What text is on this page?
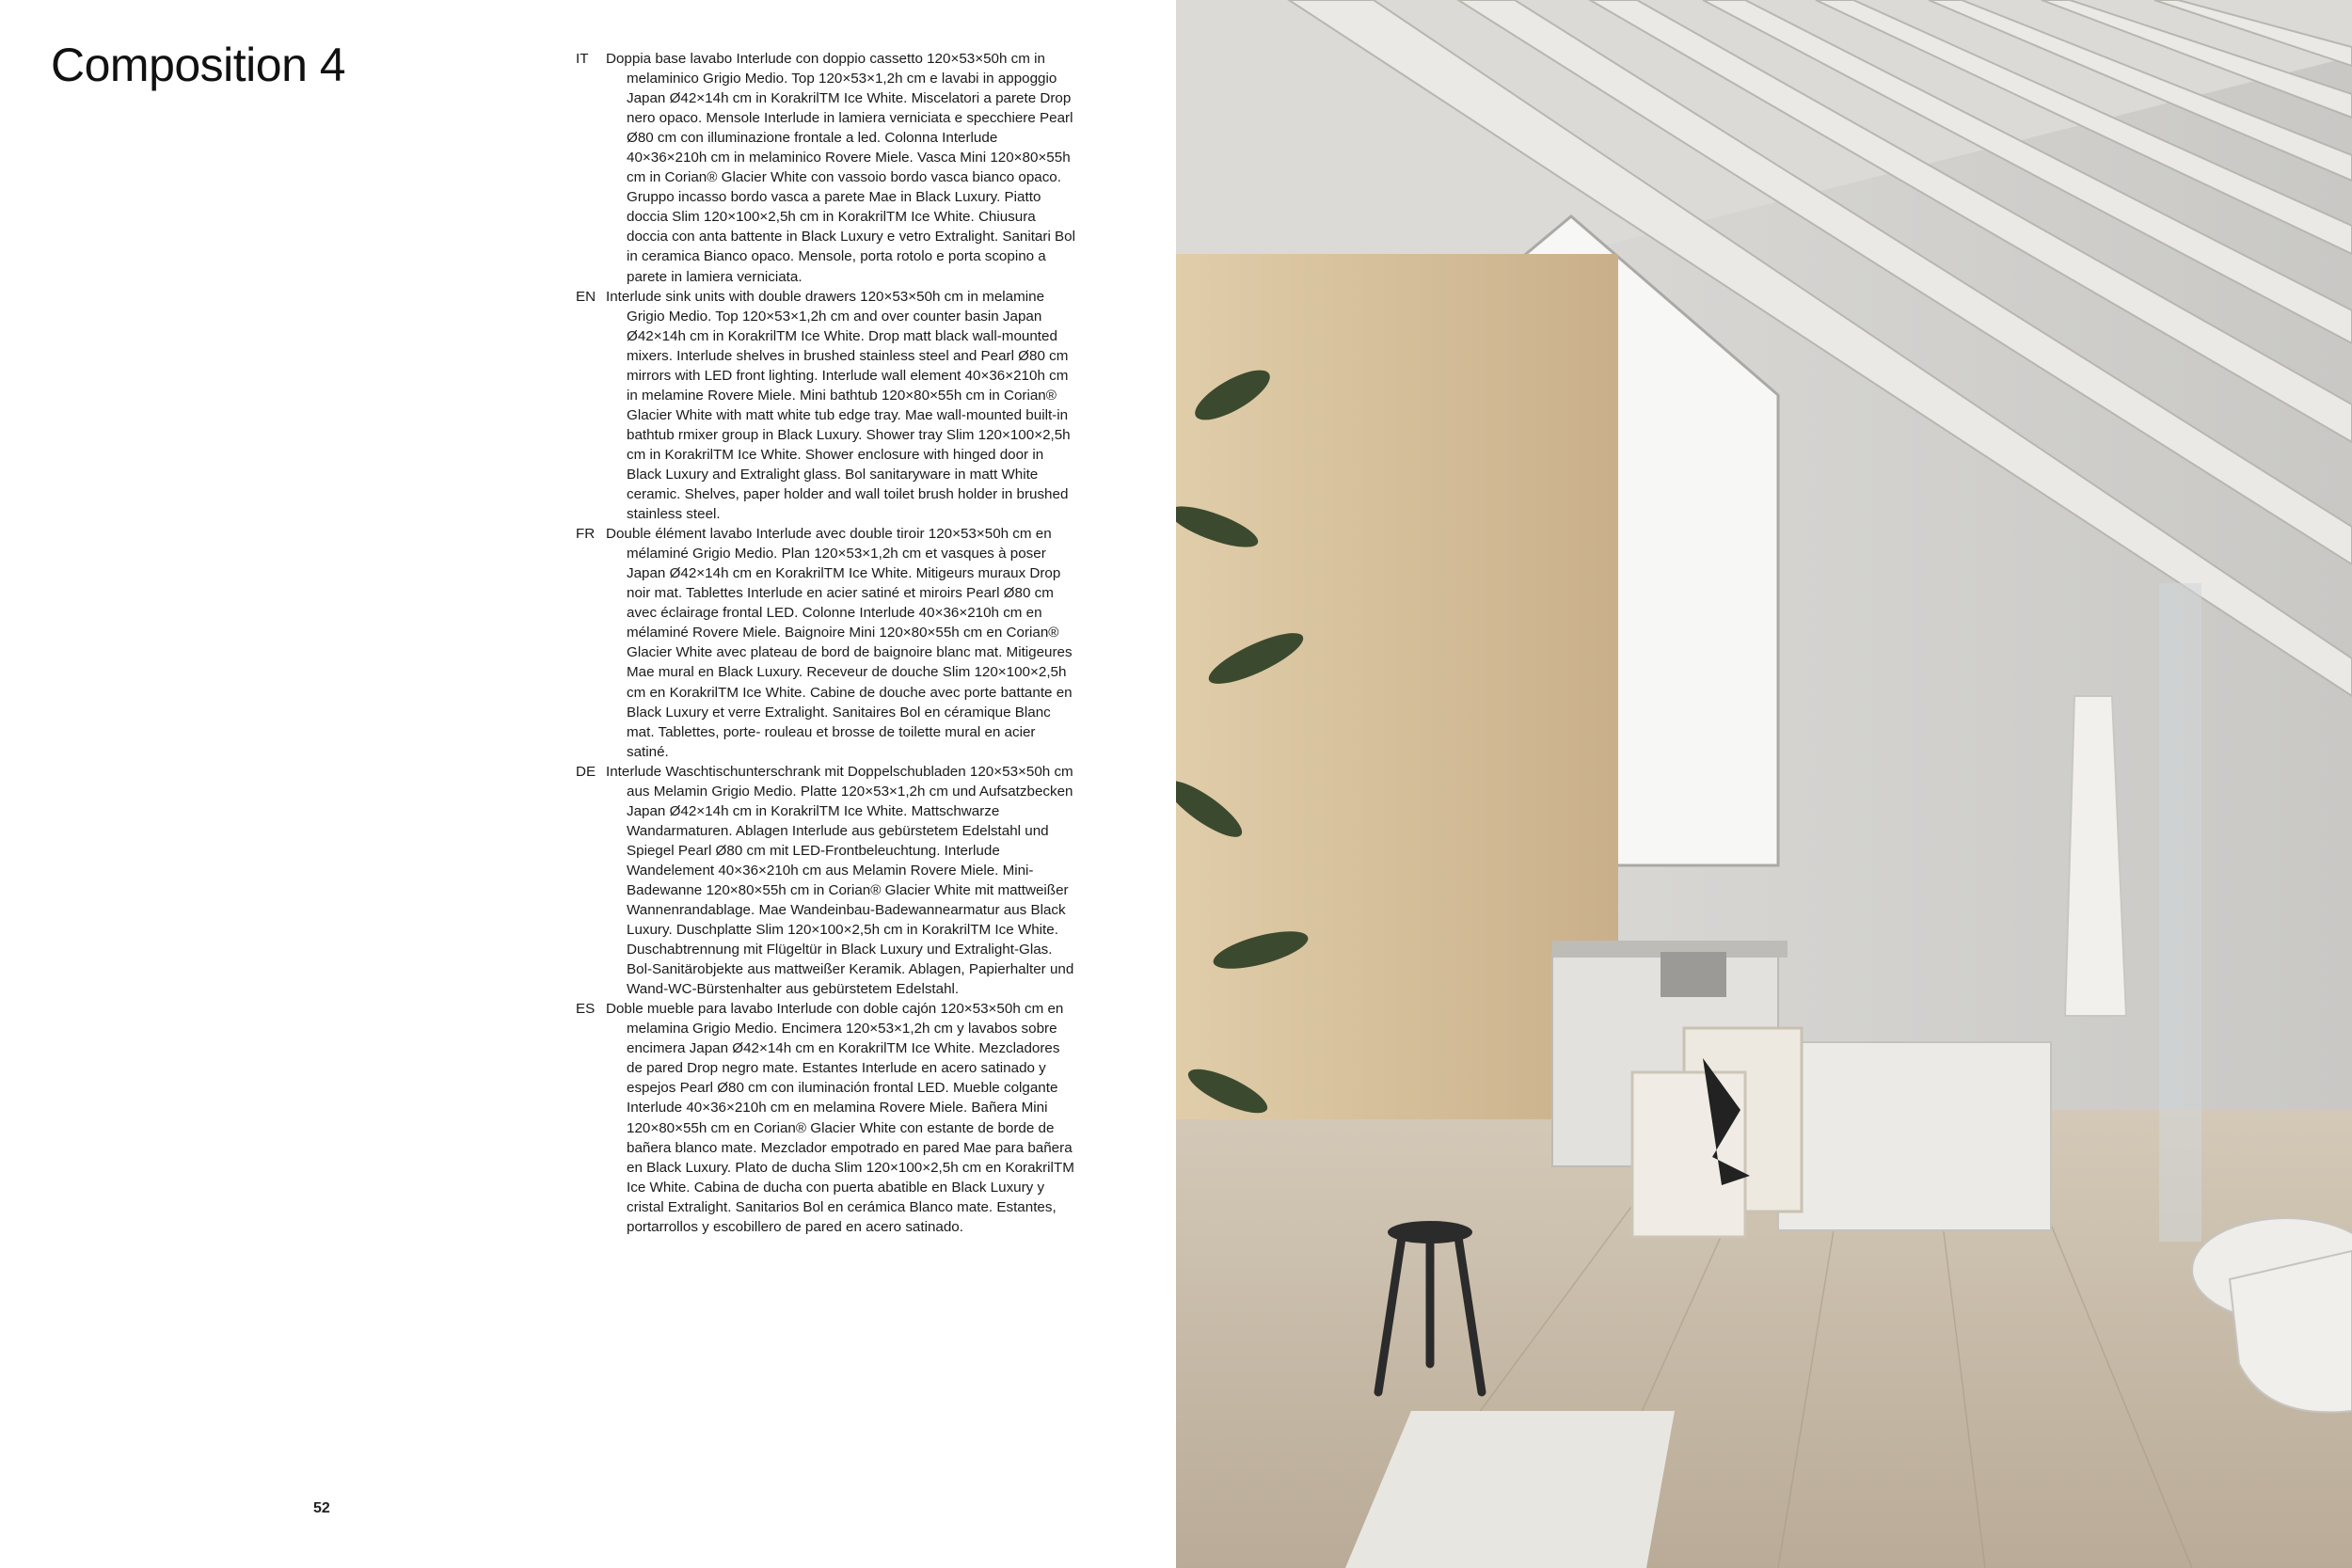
Composition 4	IT Doppia base lavabo Interlude con doppio cassetto 120×53×50h cm in melaminico Grigio Medio. Top 120×53×1,2h cm e lavabi in appoggio Japan Ø42×14h cm in KorakrilTM Ice White. Miscelatori a parete Drop nero opaco. Mensole Interlude in lamiera verniciata e specchiere Pearl Ø80 cm con illuminazione frontale a led. Colonna Interlude 40×36×210h cm in melaminico Rovere Miele. Vasca Mini 120×80×55h cm in Corian® Glacier White con vassoio bordo vasca bianco opaco. Gruppo incasso bordo vasca a parete Mae in Black Luxury. Piatto doccia Slim 120×100×2,5h cm in KorakrilTM Ice White. Chiusura doccia con anta battente in Black Luxury e vetro Extralight. Sanitari Bol in ceramica Bianco opaco. Mensole, porta rotolo e porta scopino a parete in lamiera verniciata.
EN Interlude sink units with double drawers 120×53×50h cm in melamine Grigio Medio. Top 120×53×1,2h cm and over counter basin Japan Ø42×14h cm in KorakrilTM Ice White. Drop matt black wall-mounted mixers. Interlude shelves in brushed stainless steel and Pearl Ø80 cm mirrors with LED front lighting. Interlude wall element 40×36×210h cm in melamine Rovere Miele. Mini bathtub 120×80×55h cm in Corian® Glacier White with matt white tub edge tray. Mae wall-mounted built-in bathtub rmixer group in Black Luxury. Shower tray Slim 120×100×2,5h cm in KorakrilTM Ice White. Shower enclosure with hinged door in Black Luxury and Extralight glass. Bol sanitaryware in matt White ceramic. Shelves, paper holder and wall toilet brush holder in brushed stainless steel.
FR Double élément lavabo Interlude avec double tiroir 120×53×50h cm en mélaminé Grigio Medio. Plan 120×53×1,2h cm et vasques à poser Japan Ø42×14h cm en KorakrilTM Ice White. Mitigeurs muraux Drop noir mat. Tablettes Interlude en acier satiné et miroirs Pearl Ø80 cm avec éclairage frontal LED. Colonne Interlude 40×36×210h cm en mélaminé Rovere Miele. Baignoire Mini 120×80×55h cm en Corian® Glacier White avec plateau de bord de baignoire blanc mat. Mitigeures Mae mural en Black Luxury. Receveur de douche Slim 120×100×2,5h cm en KorakrilTM Ice White. Cabine de douche avec porte battante en Black Luxury et verre Extralight. Sanitaires Bol en céramique Blanc mat. Tablettes, porte- rouleau et brosse de toilette mural en acier satiné.
DE Interlude Waschtischunterschrank mit Doppelschubladen 120×53×50h cm aus Melamin Grigio Medio. Platte 120×53×1,2h cm und Aufsatzbecken Japan Ø42×14h cm in KorakrilTM Ice White. Mattschwarze Wandarmaturen. Ablagen Interlude aus gebürstetem Edelstahl und Spiegel Pearl Ø80 cm mit LED-Frontbeleuchtung. Interlude Wandelement 40×36×210h cm aus Melamin Rovere Miele. Mini-Badewanne 120×80×55h cm in Corian® Glacier White mit mattweißer Wannenrandablage. Mae Wandeinbau-Badewannearmatur aus Black Luxury. Duschplatte Slim 120×100×2,5h cm in KorakrilTM Ice White. Duschabtrennung mit Flügeltür in Black Luxury und Extralight-Glas. Bol-Sanitärobjekte aus mattweißer Keramik. Ablagen, Papierhalter und Wand-WC-Bürstenhalter aus gebürstetem Edelstahl.
ES Doble mueble para lavabo Interlude con doble cajón 120×53×50h cm en melamina Grigio Medio. Encimera 120×53×1,2h cm y lavabos sobre encimera Japan Ø42×14h cm en KorakrilTM Ice White. Mezcladores de pared Drop negro mate. Estantes Interlude en acero satinado y espejos Pearl Ø80 cm con iluminación frontal LED. Mueble colgante Interlude 40×36×210h cm en melamina Rovere Miele. Bañera Mini 120×80×55h cm en Corian® Glacier White con estante de borde de bañera blanco mate. Mezclador empotrado en pared Mae para bañera en Black Luxury. Plato de ducha Slim 120×100×2,5h cm en KorakrilTM Ice White. Cabina de ducha con puerta abatible en Black Luxury y cristal Extralight. Sanitarios Bol en cerámica Blanco mate. Estantes, portarrollos y escobillero de pared en acero satinado.
52
